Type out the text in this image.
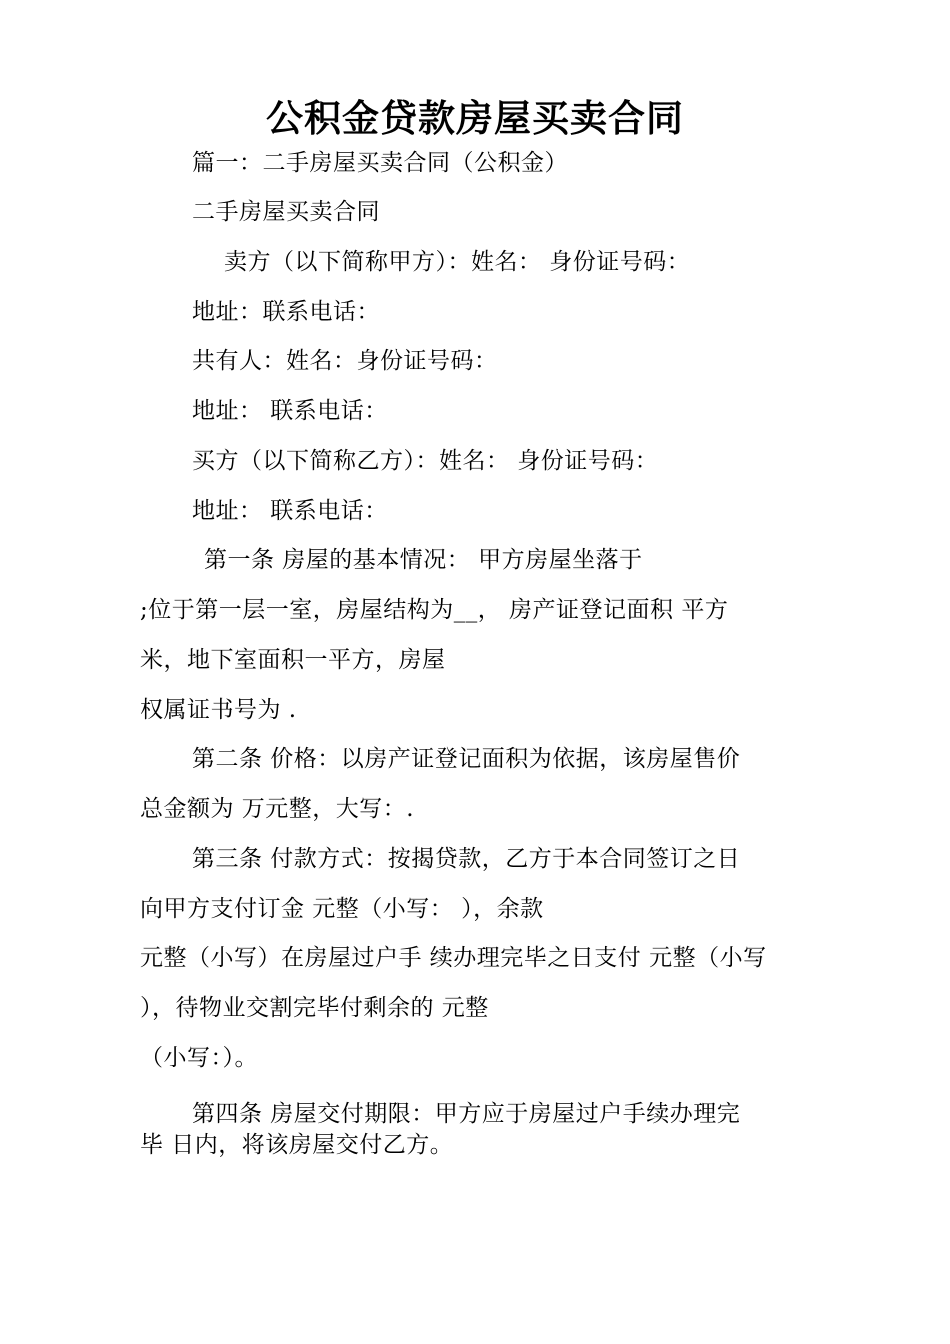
公积金贷款房屋买卖合同
篇一：二手房屋买卖合同（公积金）
二手房屋买卖合同
卖方（以下简称甲方）：姓名： 身份证号码：
地址：联系电话：
共有人：姓名：身份证号码：
地址： 联系电话：
买方（以下简称乙方）：姓名： 身份证号码：
地址： 联系电话：
第一条 房屋的基本情况： 甲方房屋坐落于
;位于第一层一室，房屋结构为__， 房产证登记面积 平方
米，地下室面积一平方，房屋
权属证书号为 .
第二条 价格：以房产证登记面积为依据，该房屋售价
总金额为 万元整，大写：.
第三条 付款方式：按揭贷款，乙方于本合同签订之日
向甲方支付订金 元整（小写： ），余款
元整（小写）在房屋过户手 续办理完毕之日支付 元整（小写
），待物业交割完毕付剩余的 元整
（小写：）。
第四条 房屋交付期限：甲方应于房屋过户手续办理完
毕 日内，将该房屋交付乙方。
